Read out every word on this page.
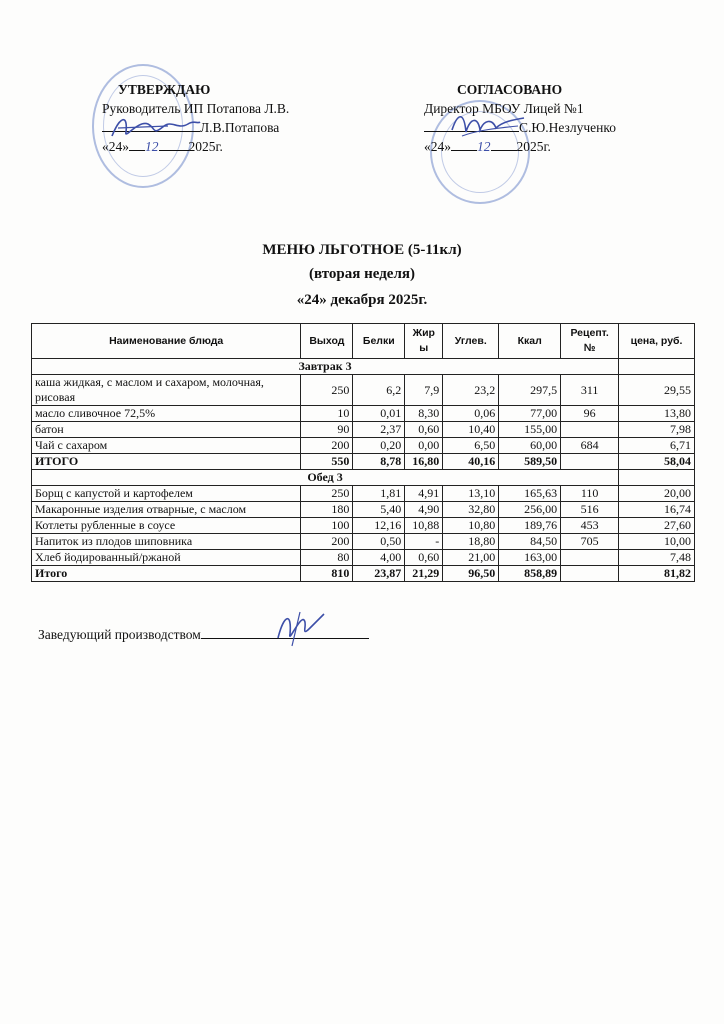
УТВЕРЖДАЮ
Руководитель ИП Потапова Л.В.
Л.В.Потапова
«24» 12 2025г.
СОГЛАСОВАНО
Директор МБОУ Лицей №1
С.Ю.Незлученко
«24» 12 2025г.
МЕНЮ ЛЬГОТНОЕ (5-11кл)
(вторая неделя)
«24» декабря 2025г.
Наименование блюда	Выход	Белки	Жир ы	Углев.	Ккал	Рецепт. №	цена, руб.
Завтрак 3							
каша жидкая, с маслом и сахаром, молочная, рисовая	250	6,2	7,9	23,2	297,5	311	29,55
масло сливочное 72,5%	10	0,01	8,30	0,06	77,00	96	13,80
батон	90	2,37	0,60	10,40	155,00		7,98
Чай с сахаром	200	0,20	0,00	6,50	60,00	684	6,71
ИТОГО	550	8,78	16,80	40,16	589,50		58,04
Обед 3							
Борщ с капустой и картофелем	250	1,81	4,91	13,10	165,63	110	20,00
Макаронные изделия отварные, с маслом	180	5,40	4,90	32,80	256,00	516	16,74
Котлеты рубленные в соусе	100	12,16	10,88	10,80	189,76	453	27,60
Напиток из плодов шиповника	200	0,50	-	18,80	84,50	705	10,00
Хлеб йодированный/ржаной	80	4,00	0,60	21,00	163,00		7,48
Итого	810	23,87	21,29	96,50	858,89		81,82
Заведующий производством
